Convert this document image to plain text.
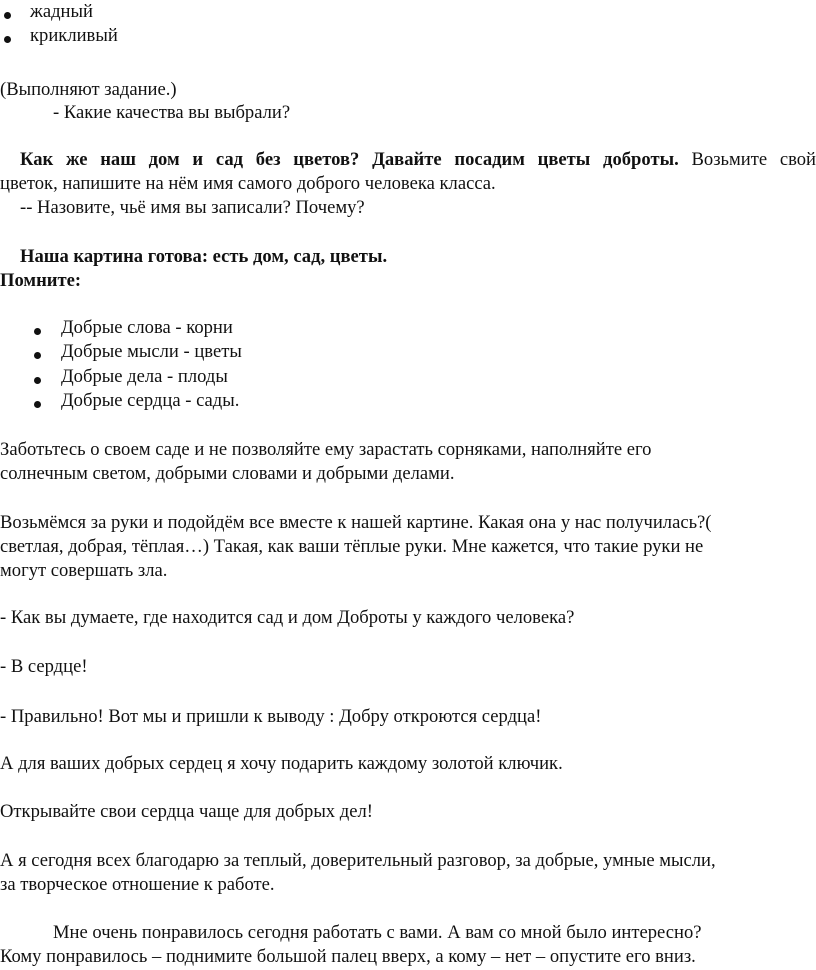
жадный
крикливый
(Выполняют задание.)
- Какие качества вы выбрали?
Как же наш дом и сад без цветов? Давайте посадим цветы доброты. Возьмите свой
цветок, напишите на нём имя самого доброго человека класса.
-- Назовите, чьё имя вы записали? Почему?
Наша картина готова: есть дом, сад, цветы.
Помните:
Добрые слова - корни
Добрые мысли - цветы
Добрые дела - плоды
Добрые сердца - сады.
Заботьтесь о своем саде и не позволяйте ему зарастать сорняками, наполняйте его
солнечным светом, добрыми словами и добрыми делами.
Возьмёмся за руки и подойдём все вместе к нашей картине. Какая она у нас получилась?(
светлая, добрая, тёплая…) Такая, как ваши тёплые руки. Мне кажется, что такие руки не
могут совершать зла.
- Как вы думаете, где находится сад и дом Доброты у каждого человека?
- В сердце!
- Правильно! Вот мы и пришли к выводу : Добру откроются сердца!
А для ваших добрых сердец я хочу подарить каждому золотой ключик.
Открывайте свои сердца чаще для добрых дел!
А я сегодня всех благодарю за теплый, доверительный разговор, за добрые, умные мысли,
за творческое отношение к работе.
Мне очень понравилось сегодня работать с вами. А вам со мной было интересно?
Кому понравилось – поднимите большой палец вверх, а кому – нет – опустите его вниз.
